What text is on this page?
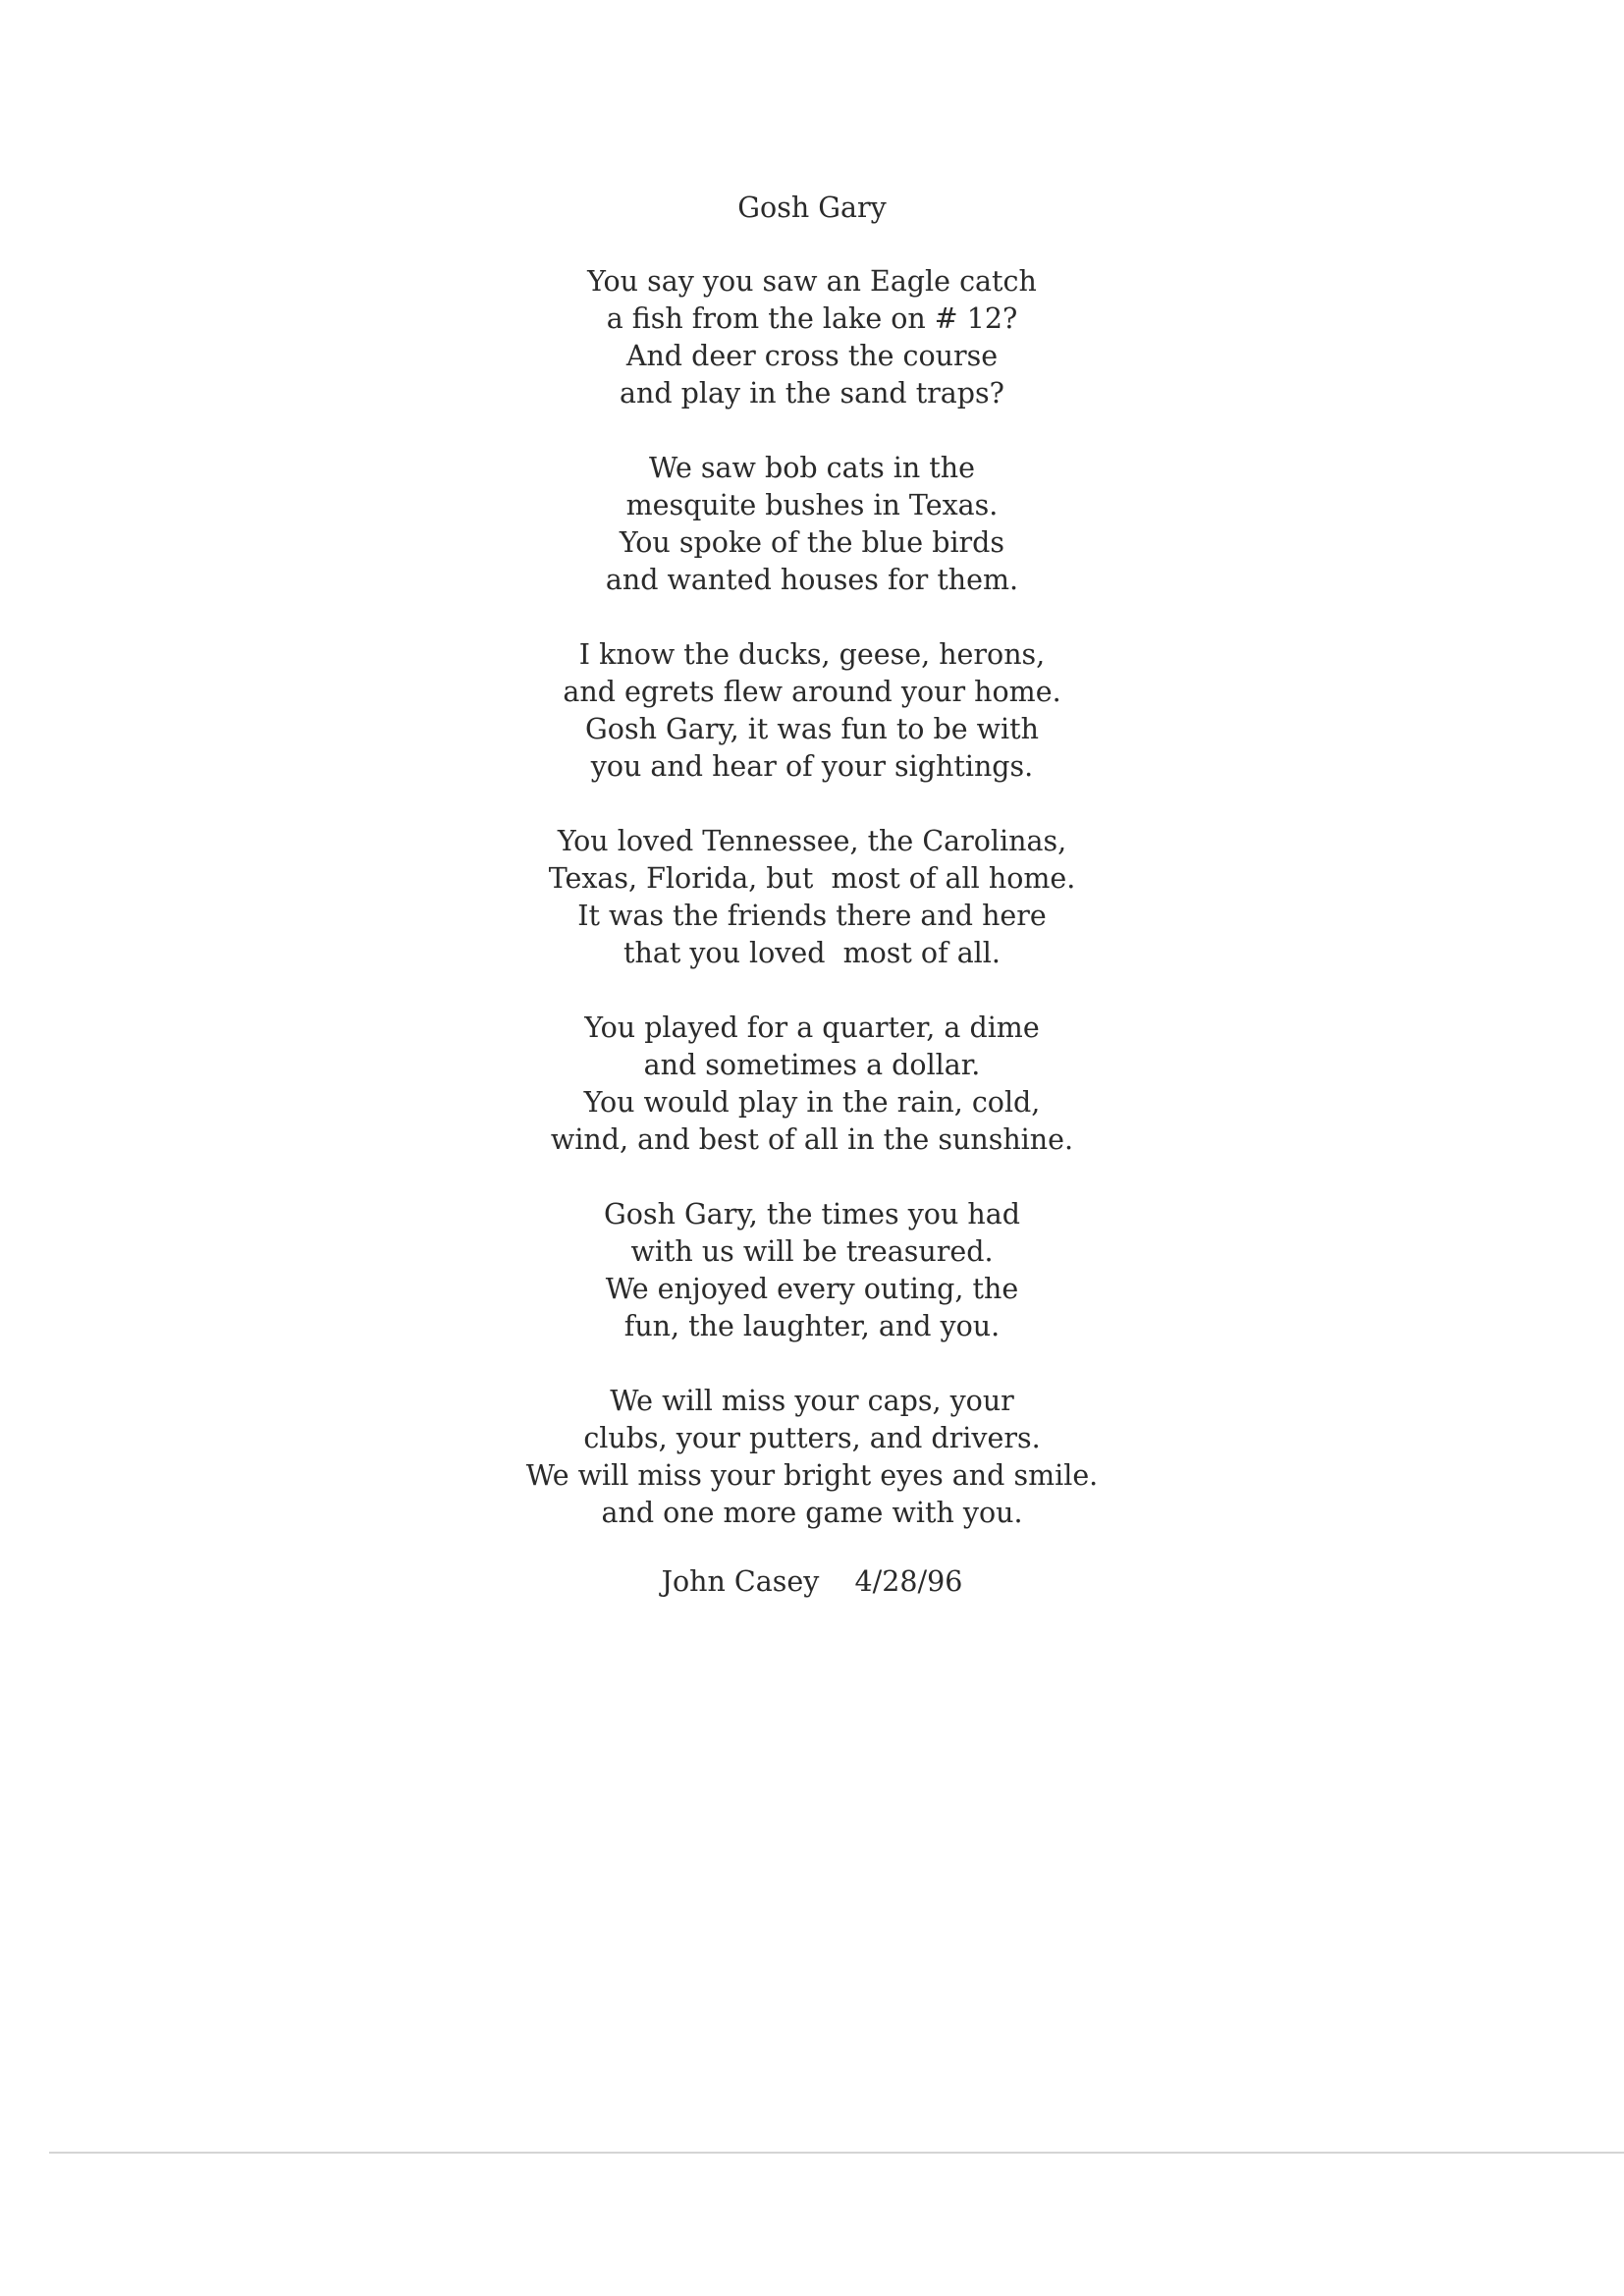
Gosh Gary
You say you saw an Eagle catch
a fish from the lake on # 12?
And deer cross the course
and play in the sand traps?
We saw bob cats in the
mesquite bushes in Texas.
You spoke of the blue birds
and wanted houses for them.
I know the ducks, geese, herons,
and egrets flew around your home.
Gosh Gary, it was fun to be with
you and hear of your sightings.
You loved Tennessee, the Carolinas,
Texas, Florida, but  most of all home.
It was the friends there and here
that you loved  most of all.
You played for a quarter, a dime
and sometimes a dollar.
You would play in the rain, cold,
wind, and best of all in the sunshine.
Gosh Gary, the times you had
with us will be treasured.
We enjoyed every outing, the
fun, the laughter, and you.
We will miss your caps, your
clubs, your putters, and drivers.
We will miss your bright eyes and smile.
and one more game with you.
John Casey    4/28/96
